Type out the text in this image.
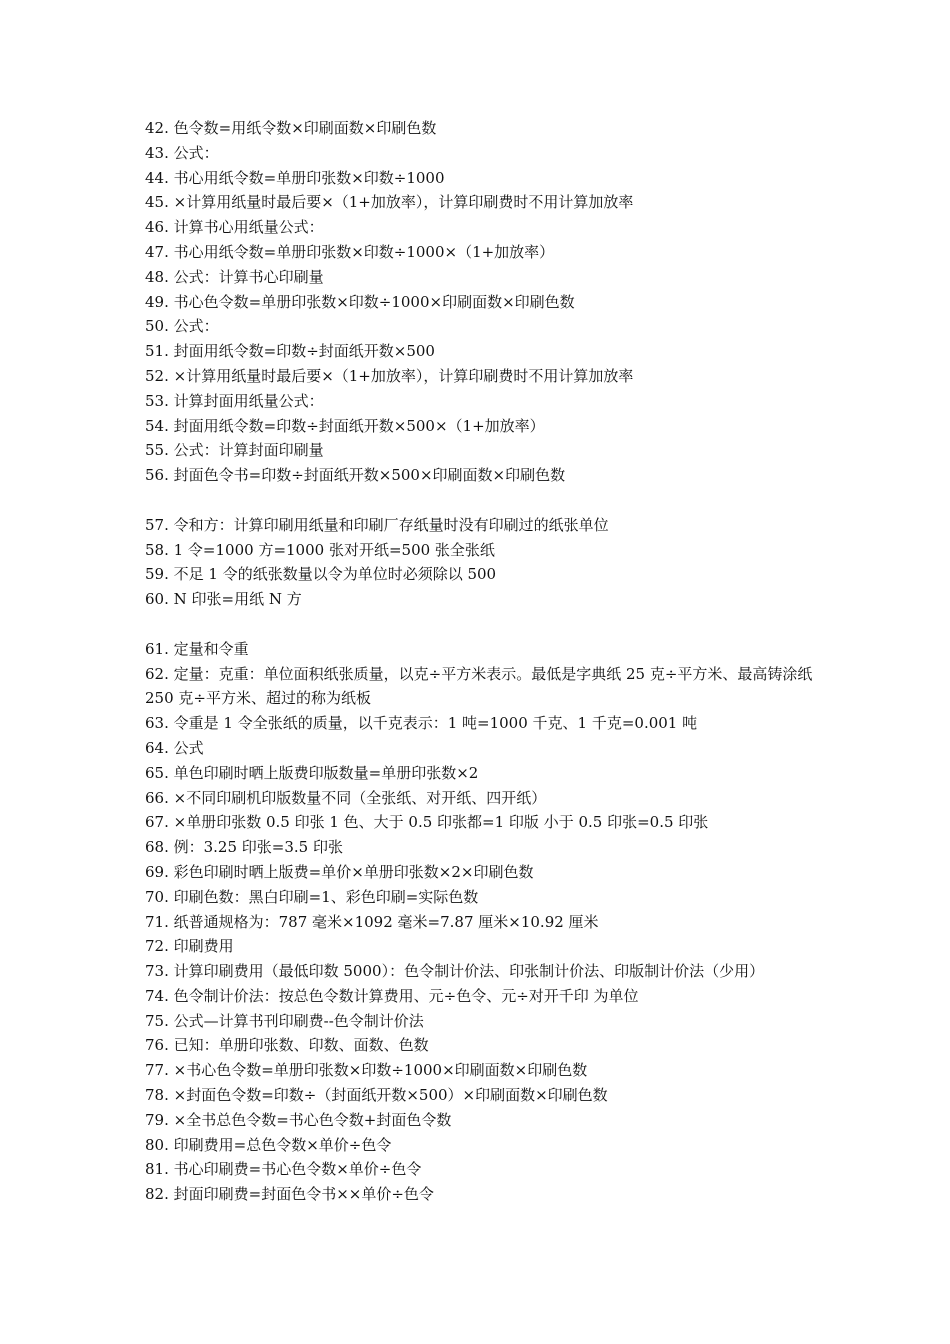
42. 色令数=用纸令数×印刷面数×印刷色数
43. 公式：
44. 书心用纸令数=单册印张数×印数÷1000
45. ×计算用纸量时最后要×（1+加放率），计算印刷费时不用计算加放率
46. 计算书心用纸量公式：
47. 书心用纸令数=单册印张数×印数÷1000×（1+加放率）
48. 公式：计算书心印刷量
49. 书心色令数=单册印张数×印数÷1000×印刷面数×印刷色数
50. 公式：
51. 封面用纸令数=印数÷封面纸开数×500
52. ×计算用纸量时最后要×（1+加放率），计算印刷费时不用计算加放率
53. 计算封面用纸量公式：
54. 封面用纸令数=印数÷封面纸开数×500×（1+加放率）
55. 公式：计算封面印刷量
56. 封面色令书=印数÷封面纸开数×500×印刷面数×印刷色数
57. 令和方：计算印刷用纸量和印刷厂存纸量时没有印刷过的纸张单位
58. 1 令=1000 方=1000 张对开纸=500 张全张纸
59. 不足 1 令的纸张数量以令为单位时必须除以 500
60. N 印张=用纸 N 方
61. 定量和令重
62. 定量：克重：单位面积纸张质量，以克÷平方米表示。最低是字典纸 25 克÷平方米、最高铸涂纸 250 克÷平方米、超过的称为纸板
63. 令重是 1 令全张纸的质量，以千克表示：1 吨=1000 千克、1 千克=0.001 吨
64. 公式
65. 单色印刷时晒上版费印版数量=单册印张数×2
66. ×不同印刷机印版数量不同（全张纸、对开纸、四开纸）
67. ×单册印张数 0.5 印张 1 色、大于 0.5 印张都=1 印版 小于 0.5 印张=0.5 印张
68. 例：3.25 印张=3.5 印张
69. 彩色印刷时晒上版费=单价×单册印张数×2×印刷色数
70. 印刷色数：黑白印刷=1、彩色印刷=实际色数
71. 纸普通规格为：787 毫米×1092 毫米=7.87 厘米×10.92 厘米
72. 印刷费用
73. 计算印刷费用（最低印数 5000）：色令制计价法、印张制计价法、印版制计价法（少用）
74. 色令制计价法：按总色令数计算费用、元÷色令、元÷对开千印 为单位
75. 公式—计算书刊印刷费--色令制计价法
76. 已知：单册印张数、印数、面数、色数
77. ×书心色令数=单册印张数×印数÷1000×印刷面数×印刷色数
78. ×封面色令数=印数÷（封面纸开数×500）×印刷面数×印刷色数
79. ×全书总色令数=书心色令数+封面色令数
80. 印刷费用=总色令数×单价÷色令
81. 书心印刷费=书心色令数×单价÷色令
82. 封面印刷费=封面色令书××单价÷色令
